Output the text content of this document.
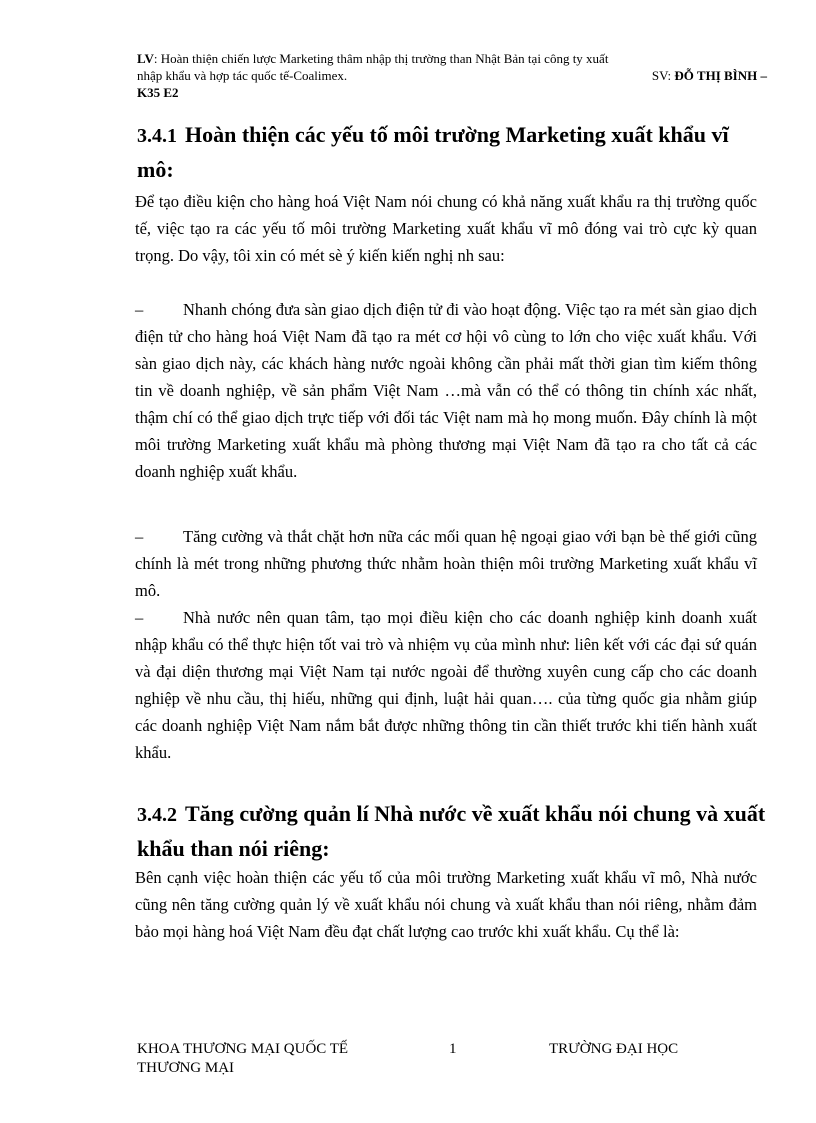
LV: Hoàn thiện chiến lược Marketing thâm nhập thị trường than Nhật Bản tại công ty xuất
nhập khẩu và hợp tác quốc tế-Coalimex.	SV: ĐỖ THỊ BÌNH –
K35 E2
3.4.1 Hoàn thiện các yếu tố môi trường Marketing xuất khẩu vĩ mô:

Để tạo điều kiện cho hàng hoá Việt Nam nói chung có khả năng xuất khẩu ra thị trường quốc tế, việc tạo ra các yếu tố môi trường Marketing xuất khẩu vĩ mô đóng vai trò cực kỳ quan trọng. Do vậy, tôi xin có mét sè ý kiến kiến nghị nh sau:

– Nhanh chóng đưa sàn giao dịch điện tử đi vào hoạt động. Việc tạo ra mét sàn giao dịch điện tử cho hàng hoá Việt Nam đã tạo ra mét cơ hội vô cùng to lớn cho việc xuất khẩu. Với sàn giao dịch này, các khách hàng nước ngoài không cần phải mất thời gian tìm kiếm thông tin về doanh nghiệp, về sản phẩm Việt Nam …mà vẫn có thể có thông tin chính xác nhất, thậm chí có thể giao dịch trực tiếp với đối tác Việt nam mà họ mong muốn. Đây chính là một môi trường Marketing xuất khẩu mà phòng thương mại Việt Nam đã tạo ra cho tất cả các doanh nghiệp xuất khẩu.

– Tăng cường và thắt chặt hơn nữa các mối quan hệ ngoại giao với bạn bè thế giới cũng chính là mét trong những phương thức nhằm hoàn thiện môi trường Marketing xuất khẩu vĩ mô.

– Nhà nước nên quan tâm, tạo mọi điều kiện cho các doanh nghiệp kinh doanh xuất nhập khẩu có thể thực hiện tốt vai trò và nhiệm vụ của mình như: liên kết với các đại sứ quán và đại diện thương mại Việt Nam tại nước ngoài để thường xuyên cung cấp cho các doanh nghiệp về nhu cầu, thị hiếu, những qui định, luật hải quan…. của từng quốc gia nhằm giúp các doanh nghiệp Việt Nam nắm bắt được những thông tin cần thiết trước khi tiến hành xuất khẩu.

3.4.2 Tăng cường quản lí Nhà nước về xuất khẩu nói chung và xuất khẩu than nói riêng:

Bên cạnh việc hoàn thiện các yếu tố của môi trường Marketing xuất khẩu vĩ mô, Nhà nước cũng nên tăng cường quản lý về xuất khẩu nói chung và xuất khẩu than nói riêng, nhằm đảm bảo mọi hàng hoá Việt Nam đều đạt chất lượng cao trước khi xuất khẩu. Cụ thể là:

KHOA THƯƠNG MẠI QUỐC TẾ THƯƠNG MẠI
1	TRƯỜNG ĐẠI HỌC
